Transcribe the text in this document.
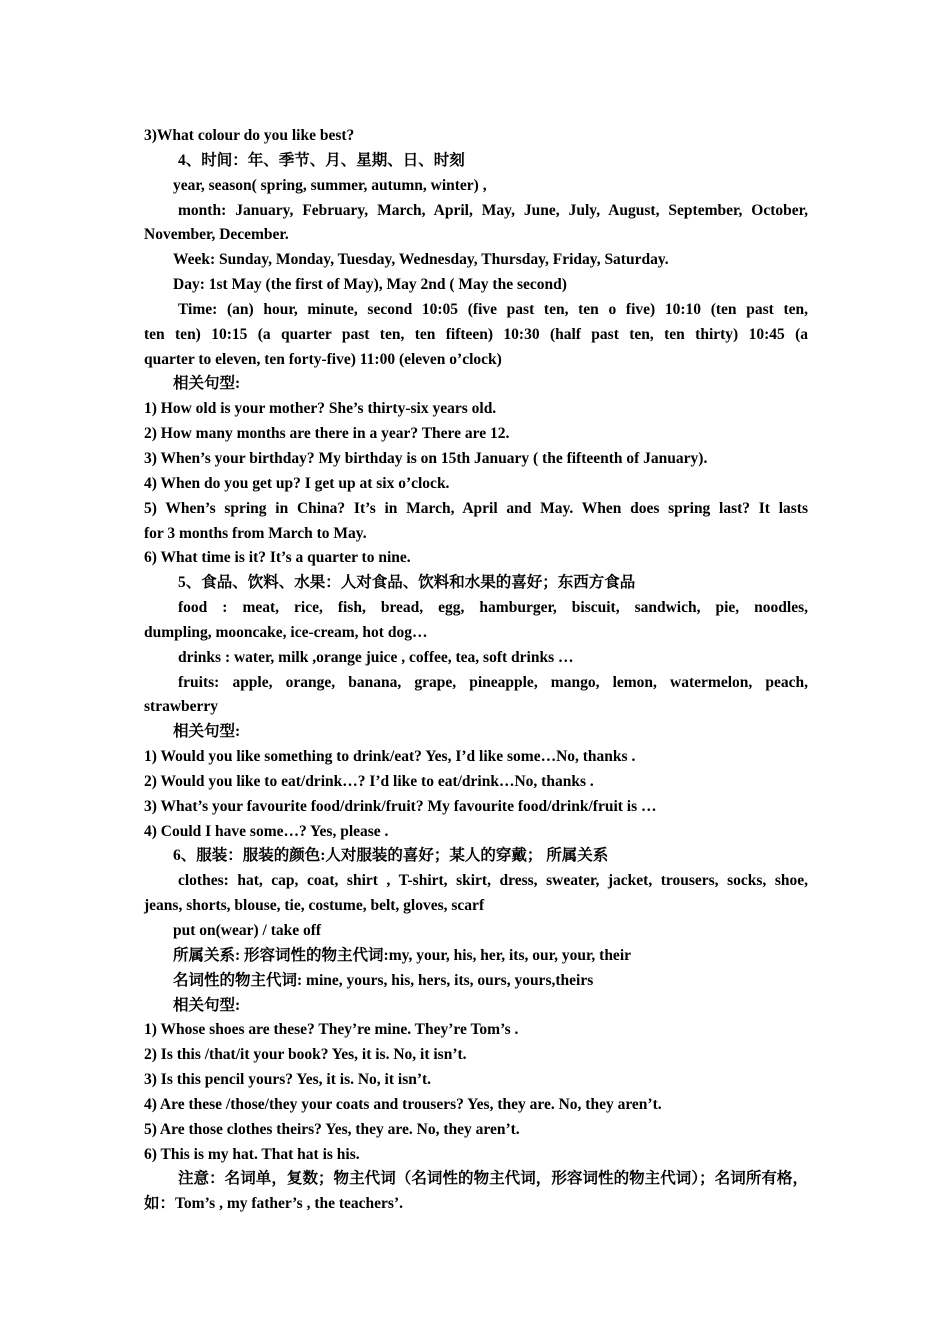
3)What colour do you like best?
4、时间：年、季节、月、星期、日、时刻
year, season( spring, summer, autumn, winter) ,
month: January, February, March, April, May, June, July, August, September, October,
November, December.
Week: Sunday, Monday, Tuesday, Wednesday, Thursday, Friday, Saturday.
Day: 1st May (the first of May), May 2nd ( May the second)
Time: (an) hour, minute, second 10:05 (five past ten, ten o five) 10:10 (ten past ten,
ten ten) 10:15 (a quarter past ten, ten fifteen) 10:30 (half past ten, ten thirty) 10:45 (a
quarter to eleven, ten forty-five) 11:00 (eleven o’clock)
相关句型:
1) How old is your mother? She’s thirty-six years old.
2) How many months are there in a year? There are 12.
3) When’s your birthday? My birthday is on 15th January ( the fifteenth of January).
4) When do you get up? I get up at six o’clock.
5) When’s spring in China? It’s in March, April and May. When does spring last? It lasts
for 3 months from March to May.
6) What time is it? It’s a quarter to nine.
5、食品、饮料、水果：人对食品、饮料和水果的喜好；东西方食品
food : meat, rice, fish, bread, egg, hamburger, biscuit, sandwich, pie, noodles,
dumpling, mooncake, ice-cream, hot dog…
drinks : water, milk ,orange juice , coffee, tea, soft drinks …
fruits: apple, orange, banana, grape, pineapple, mango, lemon, watermelon, peach,
strawberry
相关句型:
1) Would you like something to drink/eat? Yes, I’d like some…No, thanks .
2) Would you like to eat/drink…? I’d like to eat/drink…No, thanks .
3) What’s your favourite food/drink/fruit? My favourite food/drink/fruit is …
4) Could I have some…? Yes, please .
6、服装：服装的颜色:人对服装的喜好；某人的穿戴； 所属关系
clothes: hat, cap, coat, shirt , T-shirt, skirt, dress, sweater, jacket, trousers, socks, shoe,
jeans, shorts, blouse, tie, costume, belt, gloves, scarf
put on(wear) / take off
所属关系: 形容词性的物主代词:my, your, his, her, its, our, your, their
名词性的物主代词: mine, yours, his, hers, its, ours, yours,theirs
相关句型:
1) Whose shoes are these? They’re mine. They’re Tom’s .
2) Is this /that/it your book? Yes, it is. No, it isn’t.
3) Is this pencil yours? Yes, it is. No, it isn’t.
4) Are these /those/they your coats and trousers? Yes, they are. No, they aren’t.
5) Are those clothes theirs? Yes, they are. No, they aren’t.
6) This is my hat. That hat is his.
注意：名词单，复数；物主代词（名词性的物主代词，形容词性的物主代词）；名词所有格，
如：Tom’s , my father’s , the teachers’.
